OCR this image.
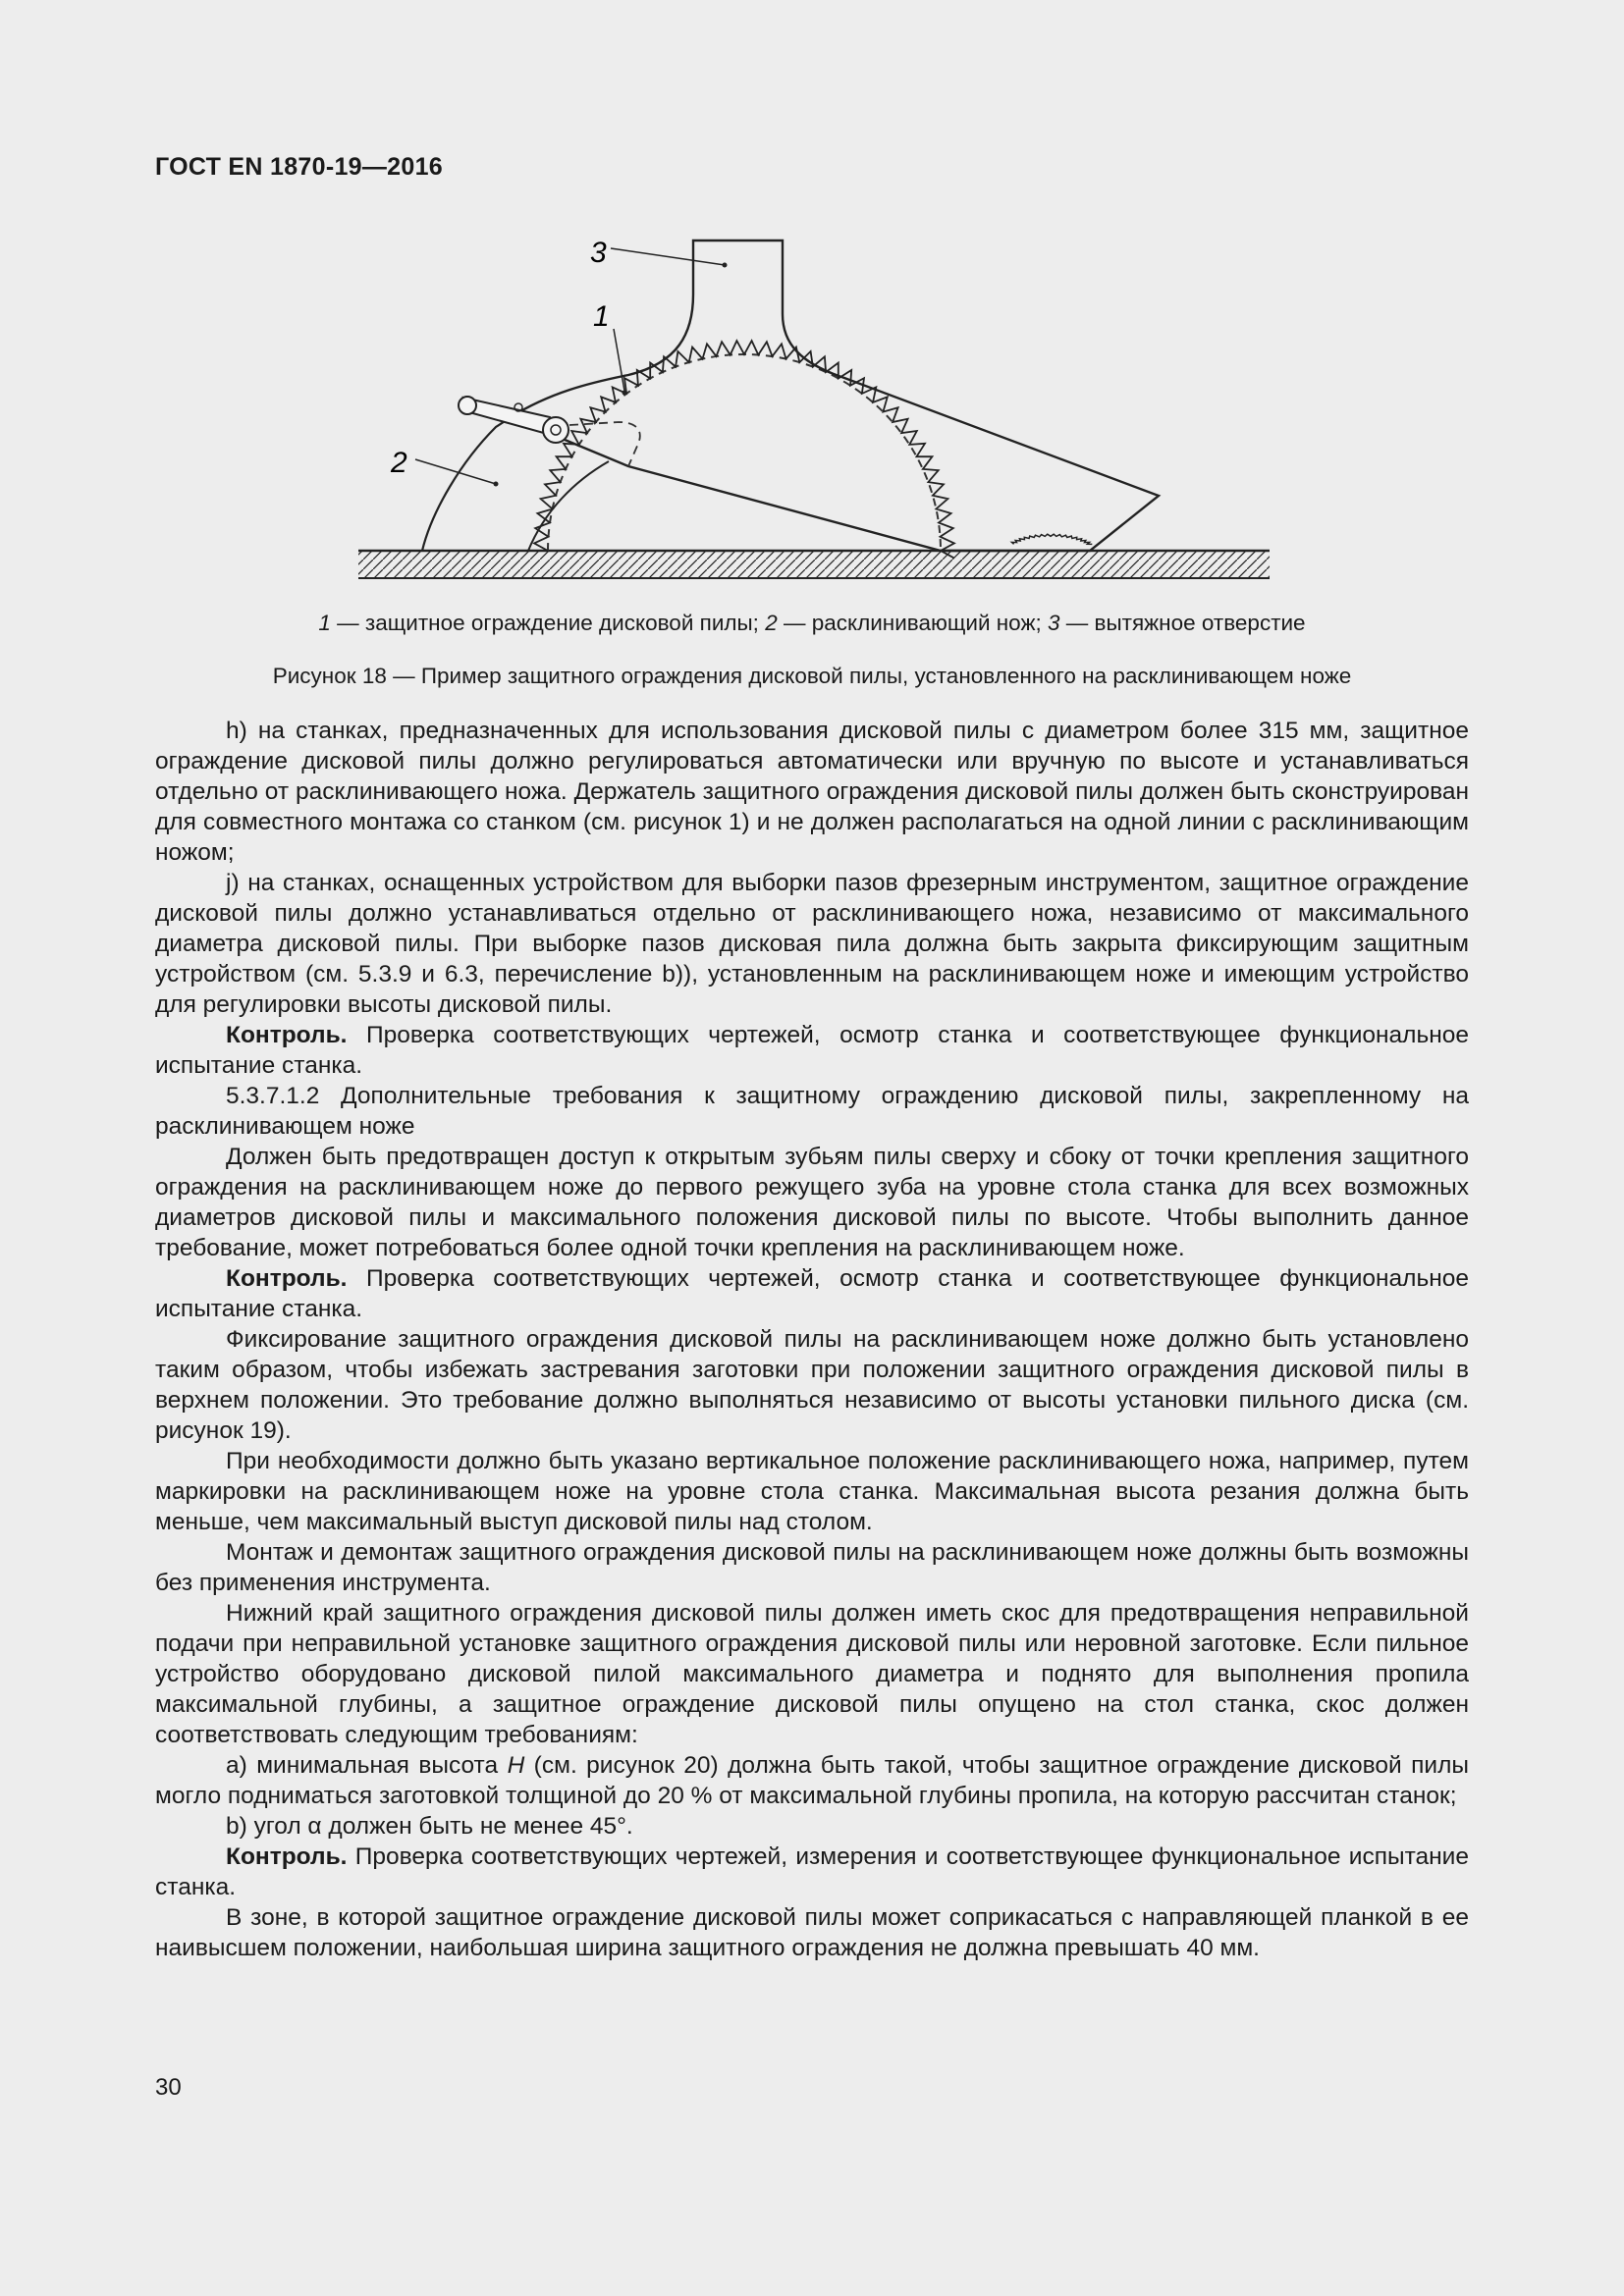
ГОСТ EN 1870-19—2016
3
1
2
1 — защитное ограждение дисковой пилы; 2 — расклинивающий нож; 3 — вытяжное отверстие
Рисунок 18 — Пример защитного ограждения дисковой пилы, установленного на расклинивающем ноже

h) на станках, предназначенных для использования дисковой пилы с диаметром более 315 мм, защитное ограждение дисковой пилы должно регулироваться автоматически или вручную по высоте и устанавливаться отдельно от расклинивающего ножа. Держатель защитного ограждения дисковой пилы должен быть сконструирован для совместного монтажа со станком (см. рисунок 1) и не должен располагаться на одной линии с расклинивающим ножом;

j) на станках, оснащенных устройством для выборки пазов фрезерным инструментом, защитное ограждение дисковой пилы должно устанавливаться отдельно от расклинивающего ножа, независимо от максимального диаметра дисковой пилы. При выборке пазов дисковая пила должна быть закрыта фиксирующим защитным устройством (см. 5.3.9 и 6.3, перечисление b)), установленным на расклинивающем ноже и имеющим устройство для регулировки высоты дисковой пилы.

Контроль. Проверка соответствующих чертежей, осмотр станка и соответствующее функциональное испытание станка.

5.3.7.1.2 Дополнительные требования к защитному ограждению дисковой пилы, закрепленному на расклинивающем ноже

Должен быть предотвращен доступ к открытым зубьям пилы сверху и сбоку от точки крепления защитного ограждения на расклинивающем ноже до первого режущего зуба на уровне стола станка для всех возможных диаметров дисковой пилы и максимального положения дисковой пилы по высоте. Чтобы выполнить данное требование, может потребоваться более одной точки крепления на расклинивающем ноже.

Контроль. Проверка соответствующих чертежей, осмотр станка и соответствующее функциональное испытание станка.

Фиксирование защитного ограждения дисковой пилы на расклинивающем ноже должно быть установлено таким образом, чтобы избежать застревания заготовки при положении защитного ограждения дисковой пилы в верхнем положении. Это требование должно выполняться независимо от высоты установки пильного диска (см. рисунок 19).

При необходимости должно быть указано вертикальное положение расклинивающего ножа, например, путем маркировки на расклинивающем ноже на уровне стола станка. Максимальная высота резания должна быть меньше, чем максимальный выступ дисковой пилы над столом.

Монтаж и демонтаж защитного ограждения дисковой пилы на расклинивающем ноже должны быть возможны без применения инструмента.

Нижний край защитного ограждения дисковой пилы должен иметь скос для предотвращения неправильной подачи при неправильной установке защитного ограждения дисковой пилы или неровной заготовке. Если пильное устройство оборудовано дисковой пилой максимального диаметра и поднято для выполнения пропила максимальной глубины, а защитное ограждение дисковой пилы опущено на стол станка, скос должен соответствовать следующим требованиям:

a) минимальная высота H (см. рисунок 20) должна быть такой, чтобы защитное ограждение дисковой пилы могло подниматься заготовкой толщиной до 20 % от максимальной глубины пропила, на которую рассчитан станок;

b) угол α должен быть не менее 45°.

Контроль. Проверка соответствующих чертежей, измерения и соответствующее функциональное испытание станка.

В зоне, в которой защитное ограждение дисковой пилы может соприкасаться с направляющей планкой в ее наивысшем положении, наибольшая ширина защитного ограждения не должна превышать 40 мм.

30
